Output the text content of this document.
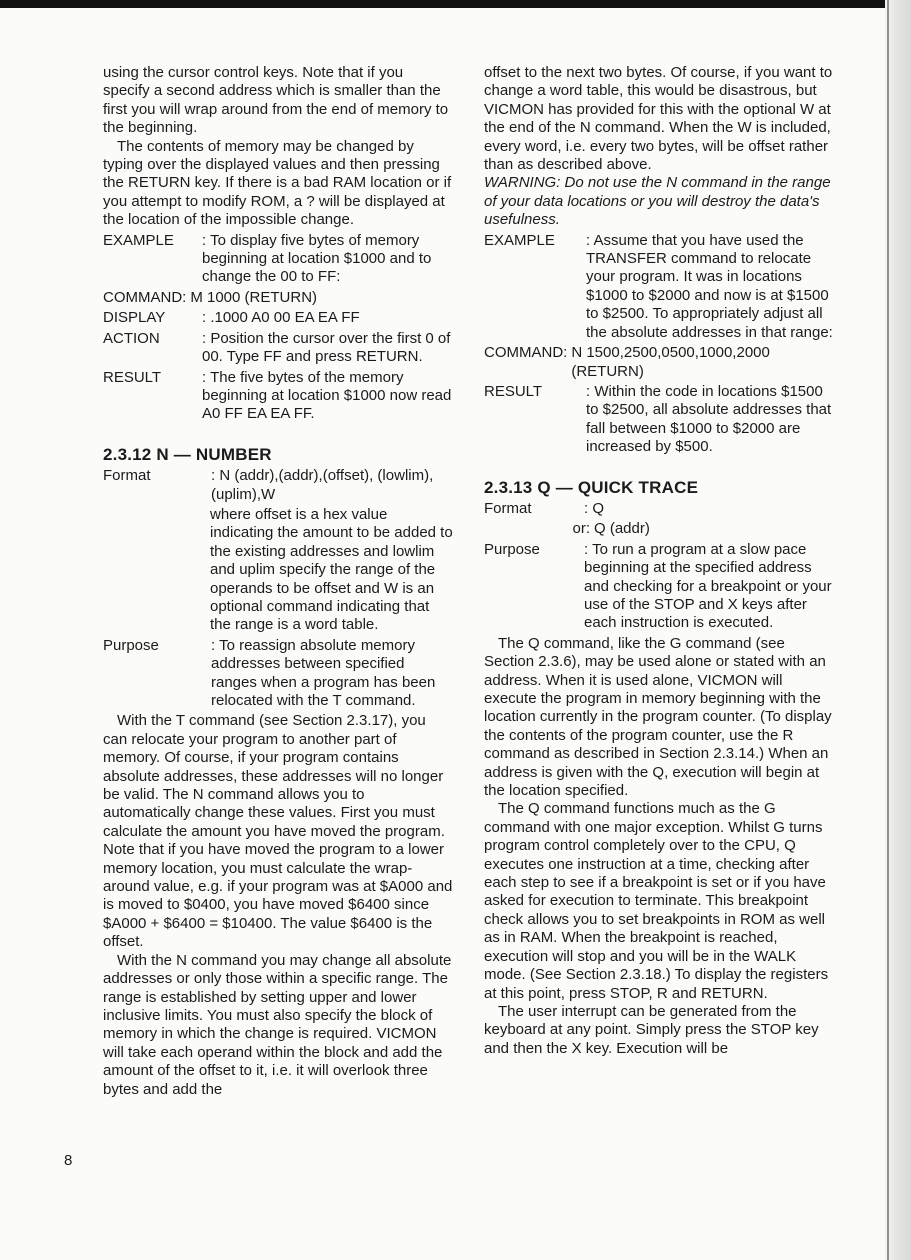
using the cursor control keys. Note that if you specify a second address which is smaller than the first you will wrap around from the end of memory to the beginning.

The contents of memory may be changed by typing over the displayed values and then pressing the RETURN key. If there is a bad RAM location or if you attempt to modify ROM, a ? will be displayed at the location of the impossible change.

EXAMPLE	: To display five bytes of memory beginning at location $1000 and to change the 00 to FF:
COMMAND: M 1000 (RETURN)
DISPLAY	: .1000 A0 00 EA EA FF
ACTION	: Position the cursor over the first 0 of 00. Type FF and press RETURN.
RESULT	: The five bytes of the memory beginning at location $1000 now read A0 FF EA EA FF.
2.3.12 N — NUMBER
Format	: N (addr),(addr),(offset), (lowlim),(uplim),W
where offset is a hex value indicating the amount to be added to the existing addresses and lowlim and uplim specify the range of the operands to be offset and W is an optional command indicating that the range is a word table.
Purpose	: To reassign absolute memory addresses between specified ranges when a program has been relocated with the T command.

With the T command (see Section 2.3.17), you can relocate your program to another part of memory. Of course, if your program contains absolute addresses, these addresses will no longer be valid. The N command allows you to automatically change these values. First you must calculate the amount you have moved the program. Note that if you have moved the program to a lower memory location, you must calculate the wrap-around value, e.g. if your program was at $A000 and is moved to $0400, you have moved $6400 since $A000 + $6400 = $10400. The value $6400 is the offset.

With the N command you may change all absolute addresses or only those within a specific range. The range is established by setting upper and lower inclusive limits. You must also specify the block of memory in which the change is required. VICMON will take each operand within the block and add the amount of the offset to it, i.e. it will overlook three bytes and add the

offset to the next two bytes. Of course, if you want to change a word table, this would be disastrous, but VICMON has provided for this with the optional W at the end of the N command. When the W is included, every word, i.e. every two bytes, will be offset rather than as described above.

WARNING: Do not use the N command in the range of your data locations or you will destroy the data's usefulness.

EXAMPLE	: Assume that you have used the TRANSFER command to relocate your program. It was in locations $1000 to $2000 and now is at $1500 to $2500. To appropriately adjust all the absolute addresses in that range:
COMMAND: N 1500,2500,0500,1000,2000 (RETURN)
RESULT	: Within the code in locations $1500 to $2500, all absolute addresses that fall between $1000 to $2000 are increased by $500.
2.3.13 Q — QUICK TRACE
Format	: Q
or: Q (addr)
Purpose	: To run a program at a slow pace beginning at the specified address and checking for a breakpoint or your use of the STOP and X keys after each instruction is executed.

The Q command, like the G command (see Section 2.3.6), may be used alone or stated with an address. When it is used alone, VICMON will execute the program in memory beginning with the location currently in the program counter. (To display the contents of the program counter, use the R command as described in Section 2.3.14.) When an address is given with the Q, execution will begin at the location specified.

The Q command functions much as the G command with one major exception. Whilst G turns program control completely over to the CPU, Q executes one instruction at a time, checking after each step to see if a breakpoint is set or if you have asked for execution to terminate. This breakpoint check allows you to set breakpoints in ROM as well as in RAM. When the breakpoint is reached, execution will stop and you will be in the WALK mode. (See Section 2.3.18.) To display the registers at this point, press STOP, R and RETURN.

The user interrupt can be generated from the keyboard at any point. Simply press the STOP key and then the X key. Execution will be

8
